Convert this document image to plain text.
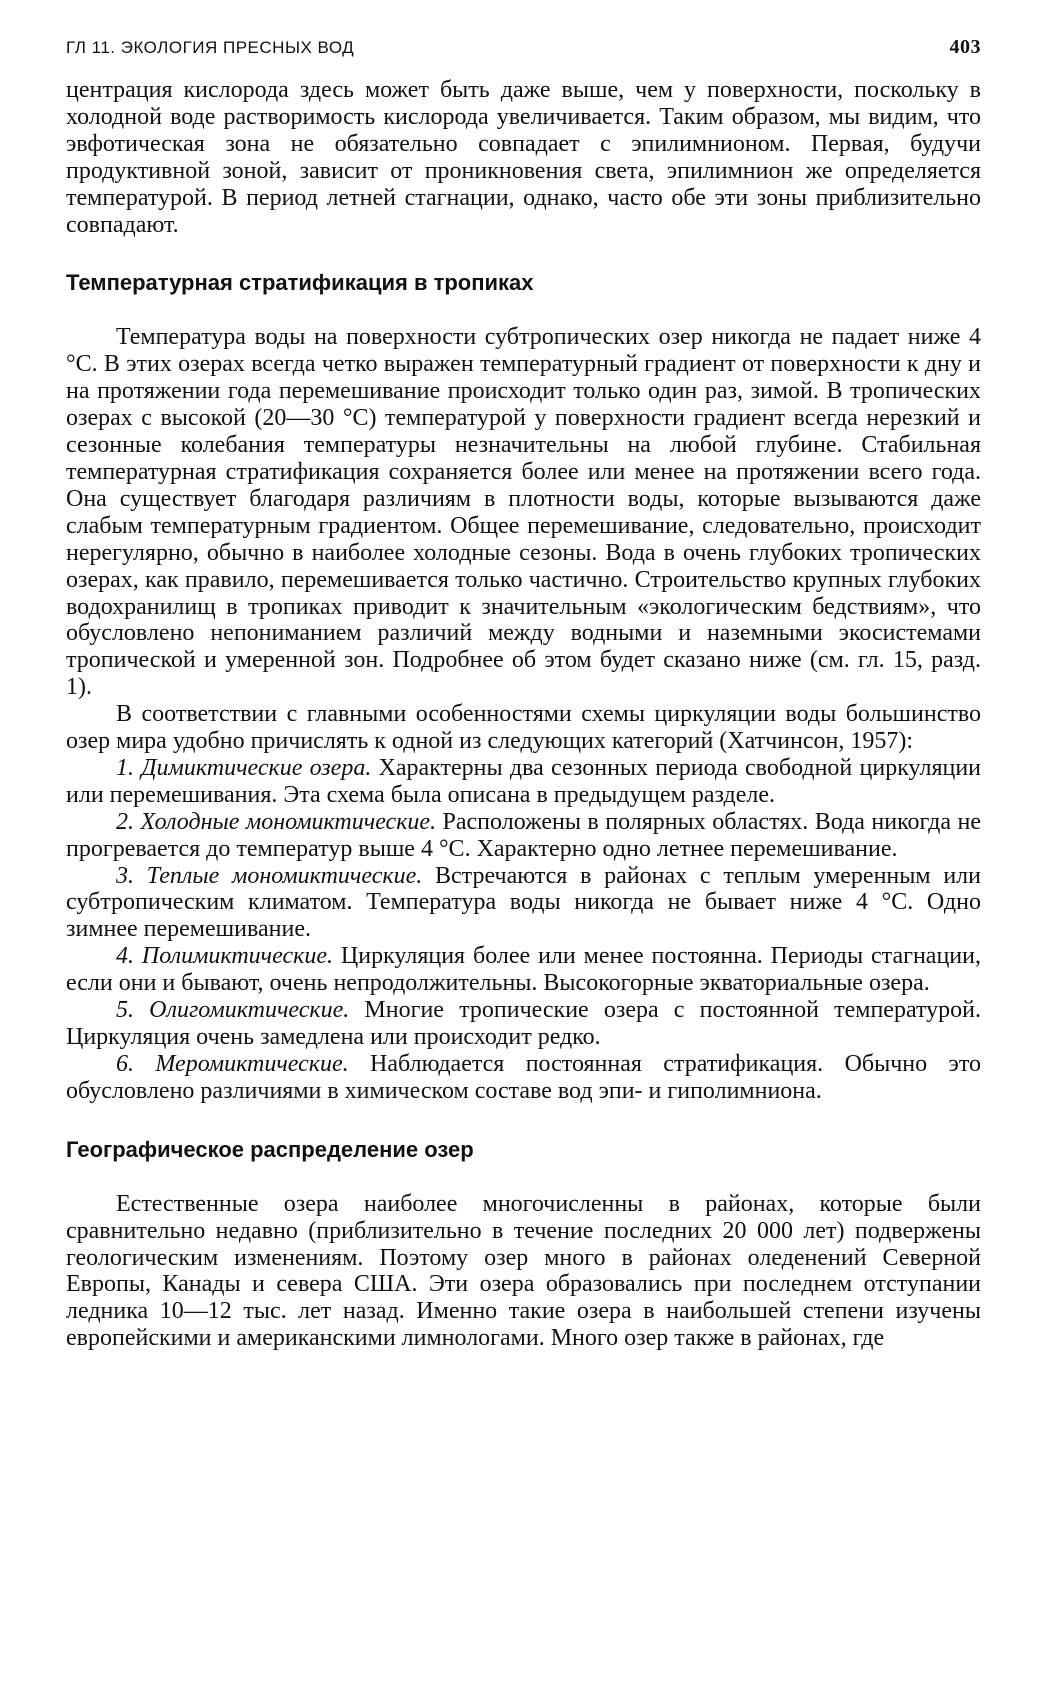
ГЛ 11. ЭКОЛОГИЯ ПРЕСНЫХ ВОД	403

центрация кислорода здесь может быть даже выше, чем у поверхности, поскольку в холодной воде растворимость кислорода увеличивается. Таким образом, мы видим, что эвфотическая зона не обязательно совпадает с эпилимнионом. Первая, будучи продуктивной зоной, зависит от проникновения света, эпилимнион же определяется температурой. В период летней стагнации, однако, часто обе эти зоны приблизительно совпадают.

Температурная стратификация в тропиках

Температура воды на поверхности субтропических озер никогда не падает ниже 4 °С. В этих озерах всегда четко выражен температурный градиент от поверхности к дну и на протяжении года перемешивание происходит только один раз, зимой. В тропических озерах с высокой (20—30 °С) температурой у поверхности градиент всегда нерезкий и сезонные колебания температуры незначительны на любой глубине. Стабильная температурная стратификация сохраняется более или менее на протяжении всего года. Она существует благодаря различиям в плотности воды, которые вызываются даже слабым температурным градиентом. Общее перемешивание, следовательно, происходит нерегулярно, обычно в наиболее холодные сезоны. Вода в очень глубоких тропических озерах, как правило, перемешивается только частично. Строительство крупных глубоких водохранилищ в тропиках приводит к значительным «экологическим бедствиям», что обусловлено непониманием различий между водными и наземными экосистемами тропической и умеренной зон. Подробнее об этом будет сказано ниже (см. гл. 15, разд. 1).

В соответствии с главными особенностями схемы циркуляции воды большинство озер мира удобно причислять к одной из следующих категорий (Хатчинсон, 1957):

1. Димиктические озера. Характерны два сезонных периода свободной циркуляции или перемешивания. Эта схема была описана в предыдущем разделе.

2. Холодные мономиктические. Расположены в полярных областях. Вода никогда не прогревается до температур выше 4 °С. Характерно одно летнее перемешивание.

3. Теплые мономиктические. Встречаются в районах с теплым умеренным или субтропическим климатом. Температура воды никогда не бывает ниже 4 °С. Одно зимнее перемешивание.

4. Полимиктические. Циркуляция более или менее постоянна. Периоды стагнации, если они и бывают, очень непродолжительны. Высокогорные экваториальные озера.

5. Олигомиктические. Многие тропические озера с постоянной температурой. Циркуляция очень замедлена или происходит редко.

6. Меромиктические. Наблюдается постоянная стратификация. Обычно это обусловлено различиями в химическом составе вод эпи- и гиполимниона.

Географическое распределение озер

Естественные озера наиболее многочисленны в районах, которые были сравнительно недавно (приблизительно в течение последних 20 000 лет) подвержены геологическим изменениям. Поэтому озер много в районах оледенений Северной Европы, Канады и севера США. Эти озера образовались при последнем отступании ледника 10—12 тыс. лет назад. Именно такие озера в наибольшей степени изучены европейскими и американскими лимнологами. Много озер также в районах, где
